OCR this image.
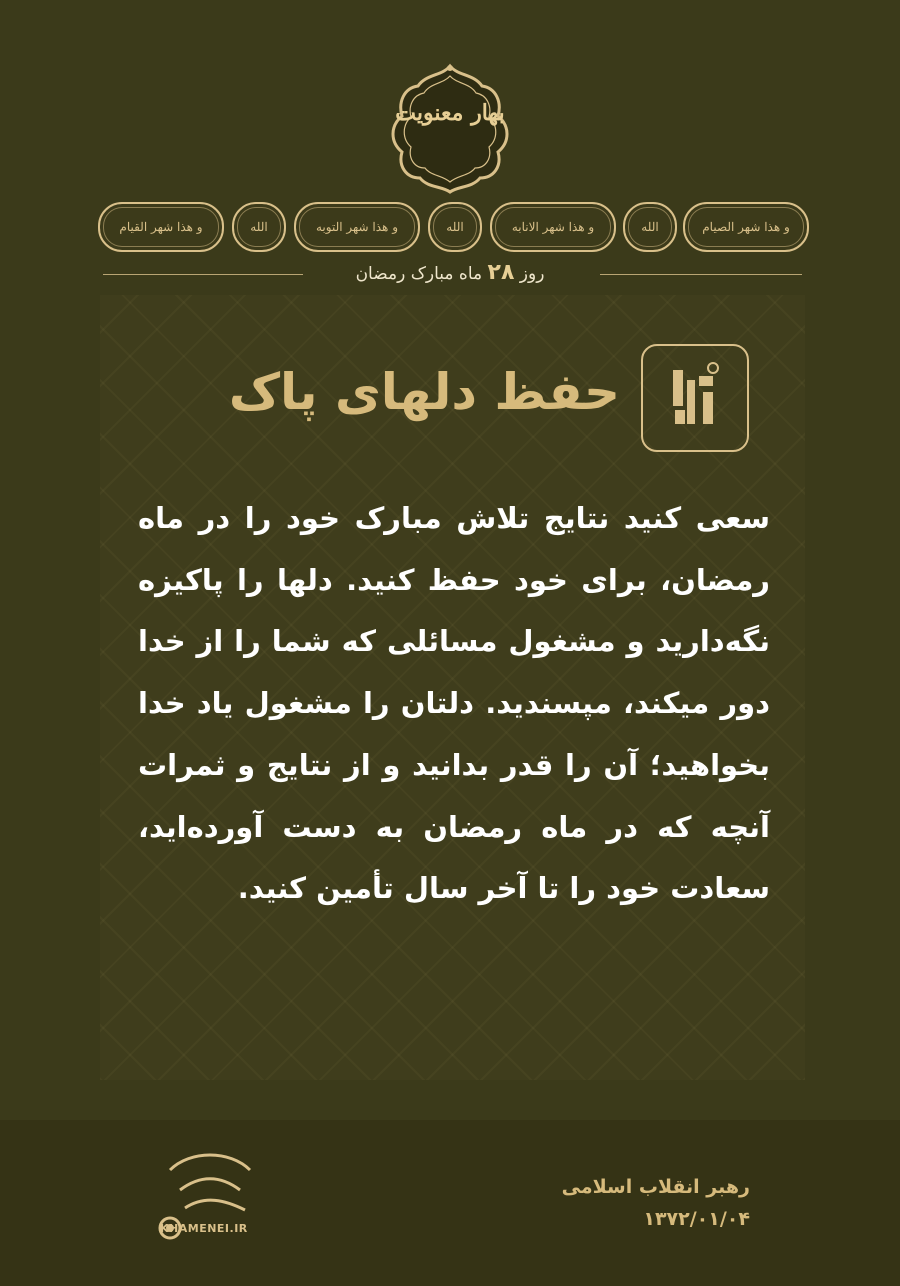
بهار معنویت
و هذا شهر الصیام
الله
و هذا شهر الانابه
الله
و هذا شهر التوبه
الله
و هذا شهر القیام
روز ۲۸ ماه مبارک رمضان
حفظ دلهای پاک
سعی کنید نتایج تلاش مبارک خود را در ماه رمضان، برای خود حفظ کنید. دلها را پاکیزه نگه‌دارید و مشغول مسائلی که شما را از خدا دور میکند، مپسندید. دلتان را مشغول یاد خدا بخواهید؛ آن را قدر بدانید و از نتایج و ثمرات آنچه که در ماه رمضان به دست آورده‌اید، سعادت خود را تا آخر سال تأمین کنید.
KHAMENEI.IR
رهبر انقلاب اسلامی
۱۳۷۲/۰۱/۰۴
